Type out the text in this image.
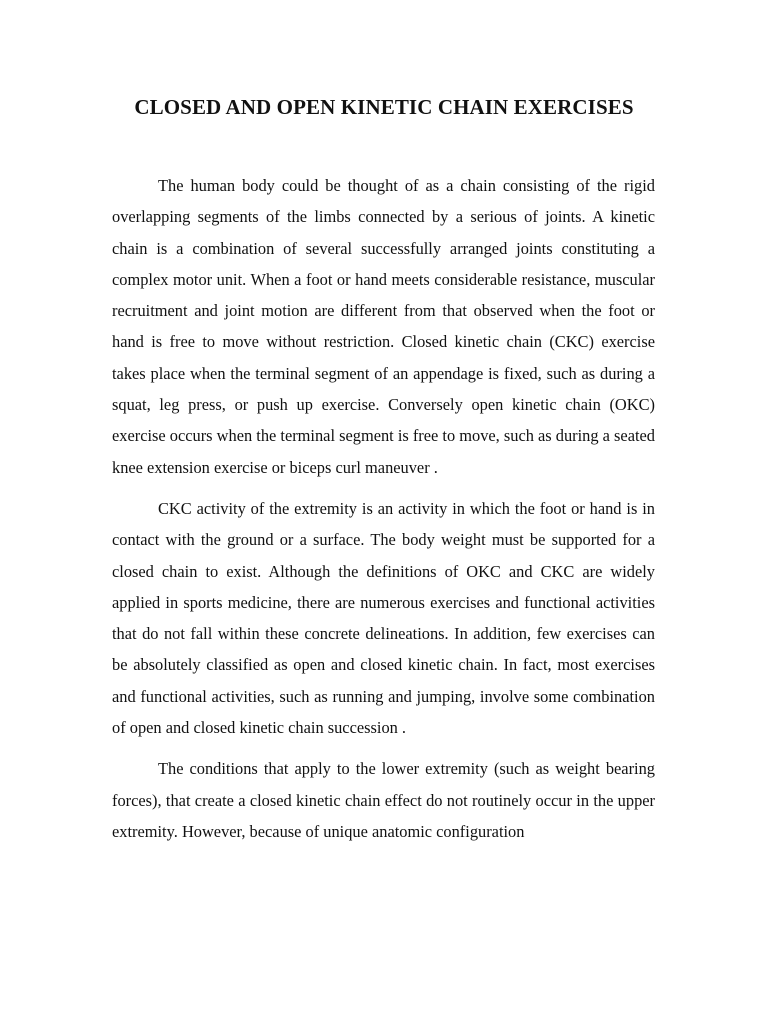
CLOSED AND OPEN KINETIC CHAIN EXERCISES

The human body could be thought of as a chain consisting of the rigid overlapping segments of the limbs connected by a serious of joints. A kinetic chain is a combination of several successfully arranged joints constituting a complex motor unit. When a foot or hand meets considerable resistance, muscular recruitment and joint motion are different from that observed when the foot or hand is free to move without restriction. Closed kinetic chain (CKC) exercise takes place when the terminal segment of an appendage is fixed, such as during a squat, leg press, or push up exercise. Conversely open kinetic chain (OKC) exercise occurs when the terminal segment is free to move, such as during a seated knee extension exercise or biceps curl maneuver .

CKC activity of the extremity is an activity in which the foot or hand is in contact with the ground or a surface. The body weight must be supported for a closed chain to exist. Although the definitions of OKC and CKC are widely applied in sports medicine, there are numerous exercises and functional activities that do not fall within these concrete delineations. In addition, few exercises can be absolutely classified as open and closed kinetic chain. In fact, most exercises and functional activities, such as running and jumping, involve some combination of open and closed kinetic chain succession .

The conditions that apply to the lower extremity (such as weight bearing forces), that create a closed kinetic chain effect do not routinely occur in the upper extremity. However, because of unique anatomic configuration
